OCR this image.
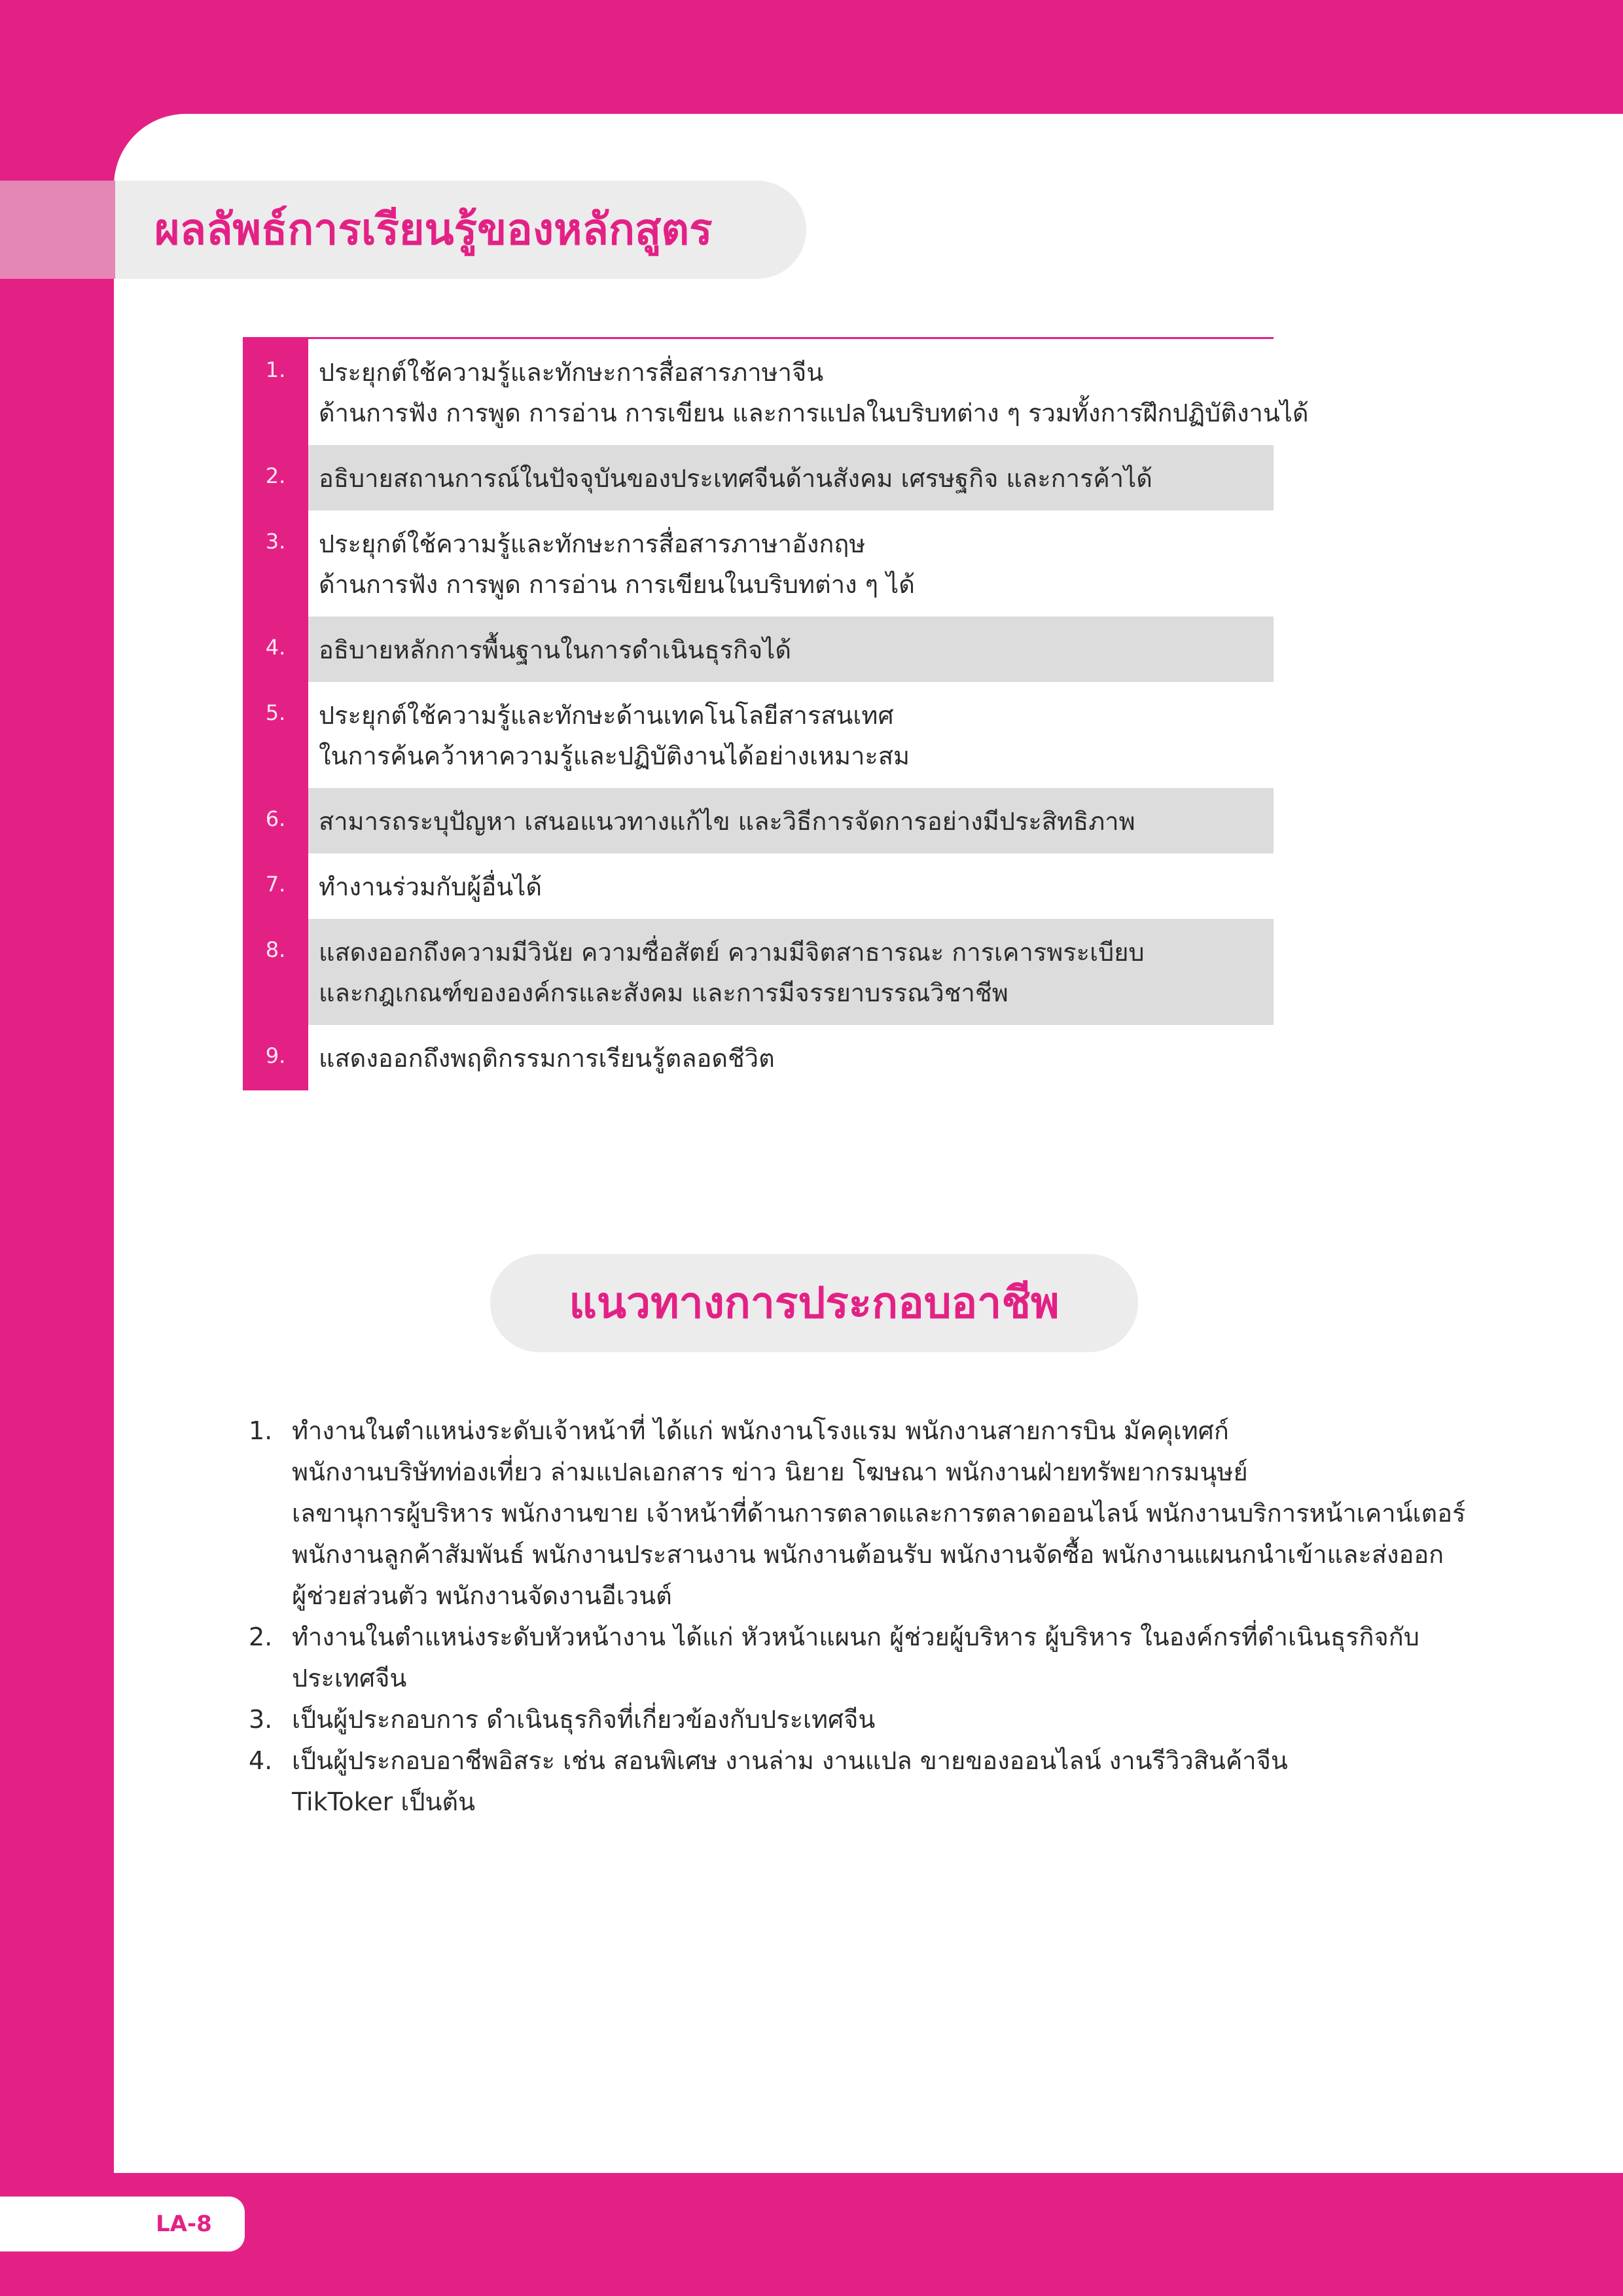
ผลลัพธ์การเรียนรู้ของหลักสูตร
1.	ประยุกต์ใช้ความรู้และทักษะการสื่อสารภาษาจีน
ด้านการฟัง การพูด การอ่าน การเขียน และการแปลในบริบทต่าง ๆ รวมทั้งการฝึกปฏิบัติงานได้
2.	อธิบายสถานการณ์ในปัจจุบันของประเทศจีนด้านสังคม เศรษฐกิจ และการค้าได้
3.	ประยุกต์ใช้ความรู้และทักษะการสื่อสารภาษาอังกฤษ
ด้านการฟัง การพูด การอ่าน การเขียนในบริบทต่าง ๆ ได้
4.	อธิบายหลักการพื้นฐานในการดำเนินธุรกิจได้
5.	ประยุกต์ใช้ความรู้และทักษะด้านเทคโนโลยีสารสนเทศ
ในการค้นคว้าหาความรู้และปฏิบัติงานได้อย่างเหมาะสม
6.	สามารถระบุปัญหา เสนอแนวทางแก้ไข และวิธีการจัดการอย่างมีประสิทธิภาพ
7.	ทำงานร่วมกับผู้อื่นได้
8.	แสดงออกถึงความมีวินัย ความซื่อสัตย์ ความมีจิตสาธารณะ การเคารพระเบียบ
และกฎเกณฑ์ขององค์กรและสังคม และการมีจรรยาบรรณวิชาชีพ
9.	แสดงออกถึงพฤติกรรมการเรียนรู้ตลอดชีวิต
แนวทางการประกอบอาชีพ
1. ทำงานในตำแหน่งระดับเจ้าหน้าที่ ได้แก่ พนักงานโรงแรม พนักงานสายการบิน มัคคุเทศก์
พนักงานบริษัทท่องเที่ยว ล่ามแปลเอกสาร ข่าว นิยาย โฆษณา พนักงานฝ่ายทรัพยากรมนุษย์
เลขานุการผู้บริหาร พนักงานขาย เจ้าหน้าที่ด้านการตลาดและการตลาดออนไลน์ พนักงานบริการหน้าเคาน์เตอร์
พนักงานลูกค้าสัมพันธ์ พนักงานประสานงาน พนักงานต้อนรับ พนักงานจัดซื้อ พนักงานแผนกนำเข้าและส่งออก
ผู้ช่วยส่วนตัว พนักงานจัดงานอีเวนต์
2. ทำงานในตำแหน่งระดับหัวหน้างาน ได้แก่ หัวหน้าแผนก ผู้ช่วยผู้บริหาร ผู้บริหาร ในองค์กรที่ดำเนินธุรกิจกับ
ประเทศจีน
3. เป็นผู้ประกอบการ ดำเนินธุรกิจที่เกี่ยวข้องกับประเทศจีน
4. เป็นผู้ประกอบอาชีพอิสระ เช่น สอนพิเศษ งานล่าม งานแปล ขายของออนไลน์ งานรีวิวสินค้าจีน
TikToker เป็นต้น
LA-8
